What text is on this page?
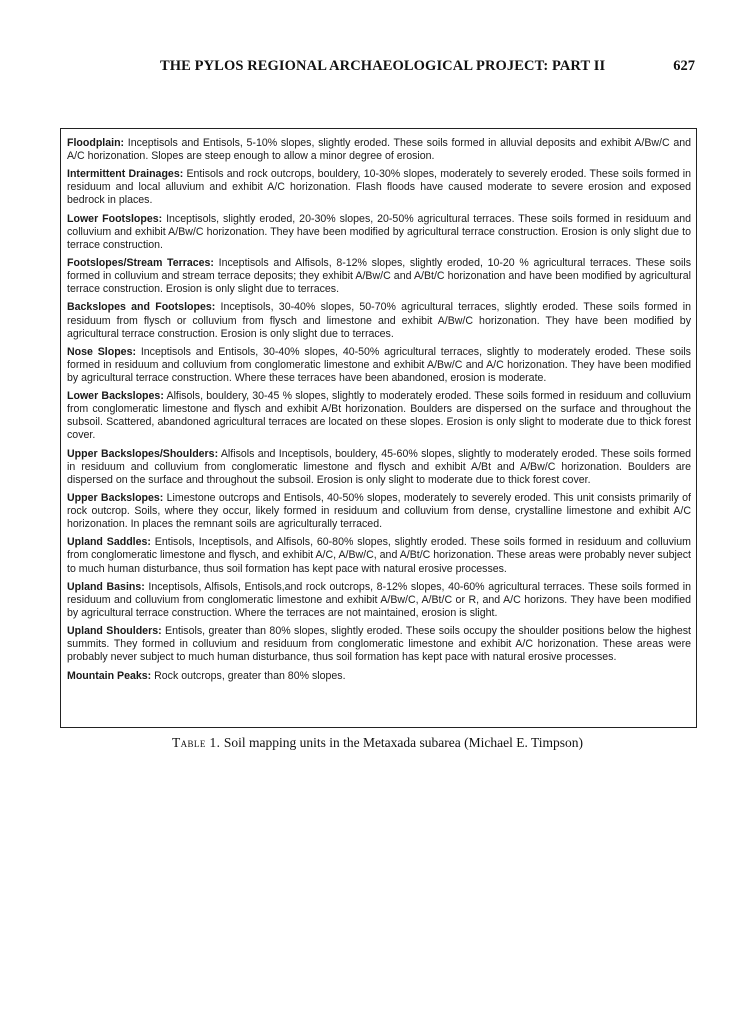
THE PYLOS REGIONAL ARCHAEOLOGICAL PROJECT: PART II	627

Floodplain: Inceptisols and Entisols, 5-10% slopes, slightly eroded. These soils formed in alluvial deposits and exhibit A/Bw/C and A/C horizonation. Slopes are steep enough to allow a minor degree of erosion.

Intermittent Drainages: Entisols and rock outcrops, bouldery, 10-30% slopes, moderately to severely eroded. These soils formed in residuum and local alluvium and exhibit A/C horizonation. Flash floods have caused moderate to severe erosion and exposed bedrock in places.

Lower Footslopes: Inceptisols, slightly eroded, 20-30% slopes, 20-50% agricultural terraces. These soils formed in residuum and colluvium and exhibit A/Bw/C horizonation. They have been modified by agricultural terrace construction. Erosion is only slight due to terrace construction.

Footslopes/Stream Terraces: Inceptisols and Alfisols, 8-12% slopes, slightly eroded, 10-20 % agricultural terraces. These soils formed in colluvium and stream terrace deposits; they exhibit A/Bw/C and A/Bt/C horizonation and have been modified by agricultural terrace construction. Erosion is only slight due to terraces.

Backslopes and Footslopes: Inceptisols, 30-40% slopes, 50-70% agricultural terraces, slightly eroded. These soils formed in residuum from flysch or colluvium from flysch and limestone and exhibit A/Bw/C horizonation. They have been modified by agricultural terrace construction. Erosion is only slight due to terraces.

Nose Slopes: Inceptisols and Entisols, 30-40% slopes, 40-50% agricultural terraces, slightly to moderately eroded. These soils formed in residuum and colluvium from conglomeratic limestone and exhibit A/Bw/C and A/C horizonation. They have been modified by agricultural terrace construction. Where these terraces have been abandoned, erosion is moderate.

Lower Backslopes: Alfisols, bouldery, 30-45 % slopes, slightly to moderately eroded. These soils formed in residuum and colluvium from conglomeratic limestone and flysch and exhibit A/Bt horizonation. Boulders are dispersed on the surface and throughout the subsoil. Scattered, abandoned agricultural terraces are located on these slopes. Erosion is only slight to moderate due to thick forest cover.

Upper Backslopes/Shoulders: Alfisols and Inceptisols, bouldery, 45-60% slopes, slightly to moderately eroded. These soils formed in residuum and colluvium from conglomeratic limestone and flysch and exhibit A/Bt and A/Bw/C horizonation. Boulders are dispersed on the surface and throughout the subsoil. Erosion is only slight to moderate due to thick forest cover.

Upper Backslopes: Limestone outcrops and Entisols, 40-50% slopes, moderately to severely eroded. This unit consists primarily of rock outcrop. Soils, where they occur, likely formed in residuum and colluvium from dense, crystalline limestone and exhibit A/C horizonation. In places the remnant soils are agriculturally terraced.

Upland Saddles: Entisols, Inceptisols, and Alfisols, 60-80% slopes, slightly eroded. These soils formed in residuum and colluvium from conglomeratic limestone and flysch, and exhibit A/C, A/Bw/C, and A/Bt/C horizonation. These areas were probably never subject to much human disturbance, thus soil formation has kept pace with natural erosive processes.

Upland Basins: Inceptisols, Alfisols, Entisols,and rock outcrops, 8-12% slopes, 40-60% agricultural terraces. These soils formed in residuum and colluvium from conglomeratic limestone and exhibit A/Bw/C, A/Bt/C or R, and A/C horizons. They have been modified by agricultural terrace construction. Where the terraces are not maintained, erosion is slight.

Upland Shoulders: Entisols, greater than 80% slopes, slightly eroded. These soils occupy the shoulder positions below the highest summits. They formed in colluvium and residuum from conglomeratic limestone and exhibit A/C horizonation. These areas were probably never subject to much human disturbance, thus soil formation has kept pace with natural erosive processes.

Mountain Peaks: Rock outcrops, greater than 80% slopes.

Table 1. Soil mapping units in the Metaxada subarea (Michael E. Timpson)
